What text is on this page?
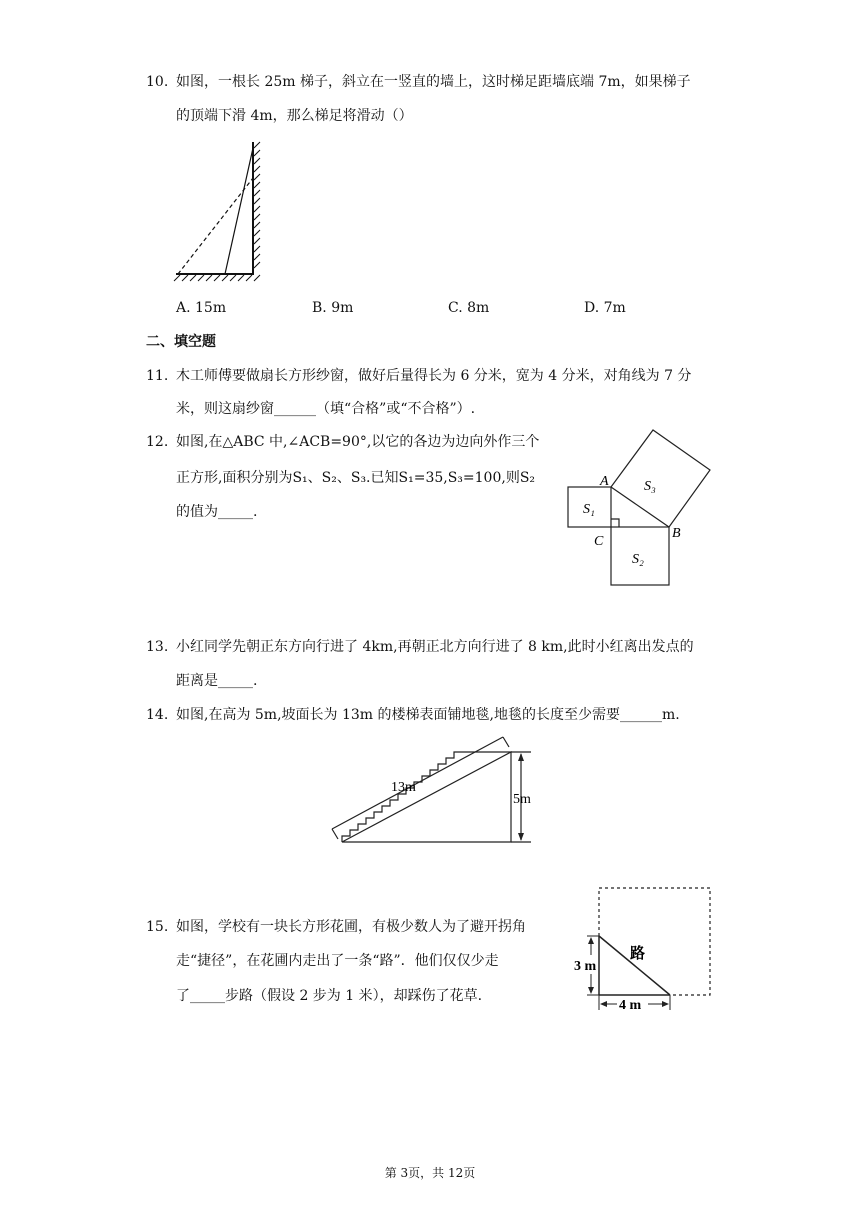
10. 如图，一根长 25m 梯子，斜立在一竖直的墙上，这时梯足距墙底端 7m，如果梯子
的顶端下滑 4m，那么梯足将滑动（）
A. 15m	B. 9m	C. 8m	D. 7m
二、填空题
11. 木工师傅要做扇长方形纱窗，做好后量得长为 6 分米，宽为 4 分米，对角线为 7 分
米，则这扇纱窗______（填“合格”或“不合格”）.
12. 如图,在△ABC 中,∠ACB=90°,以它的各边为边向外作三个
正方形,面积分别为S₁、S₂、S₃.已知S₁=35,S₃=100,则S₂
的值为_____.
A
B
C
S₁
S₂
S₃
13. 小红同学先朝正东方向行进了 4km,再朝正北方向行进了 8 km,此时小红离出发点的
距离是_____.
14. 如图,在高为 5m,坡面长为 13m 的楼梯表面铺地毯,地毯的长度至少需要______m.
13m
5m
15. 如图，学校有一块长方形花圃，有极少数人为了避开拐角
走“捷径”，在花圃内走出了一条“路”．他们仅仅少走
了_____步路（假设 2 步为 1 米），却踩伤了花草.
3 m
4 m
路
第 3页，共 12页
